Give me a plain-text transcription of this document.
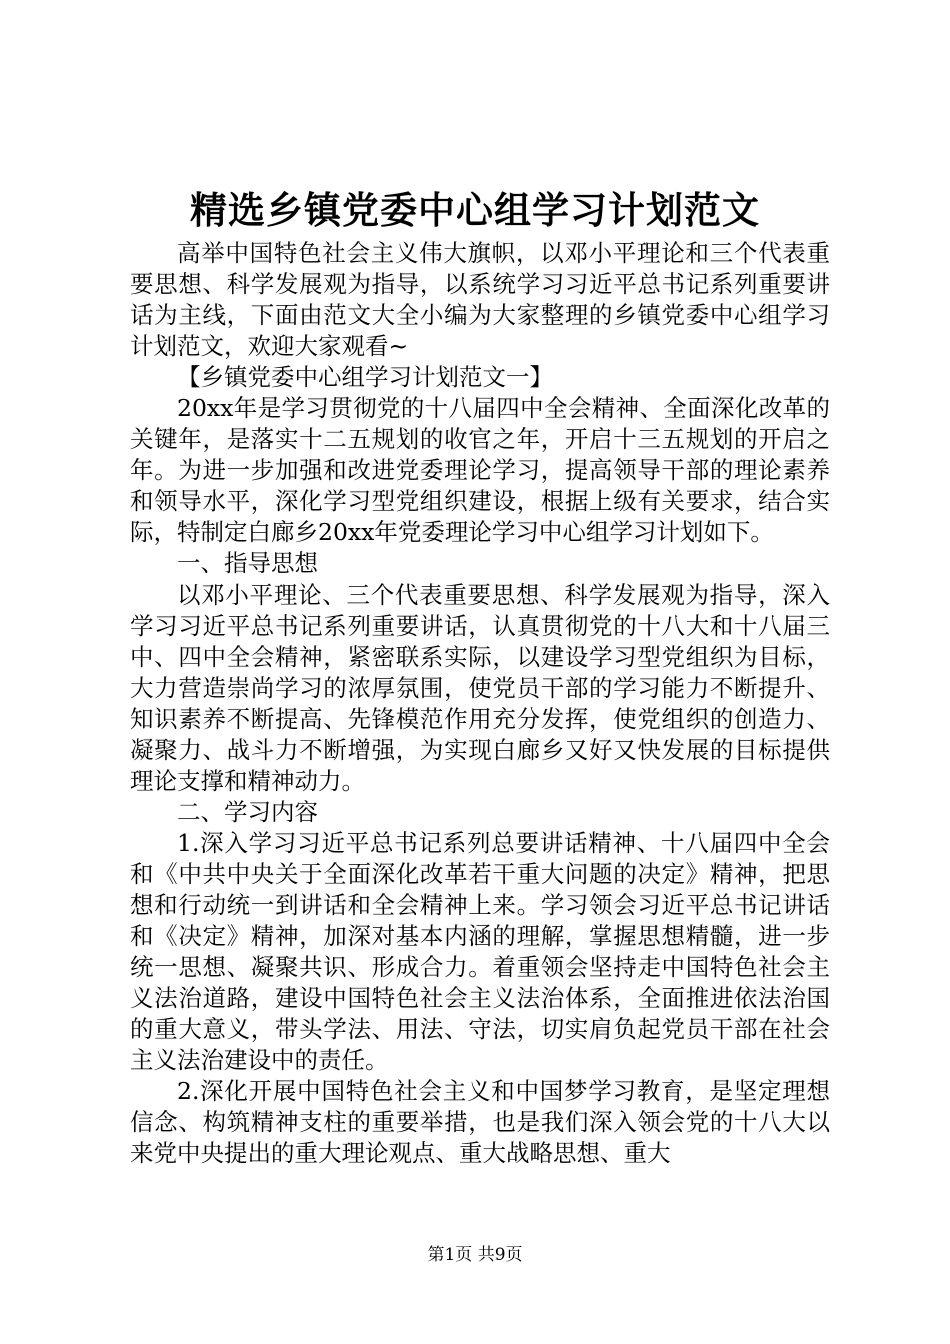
精选乡镇党委中心组学习计划范文

高举中国特色社会主义伟大旗帜，以邓小平理论和三个代表重要思想、科学发展观为指导，以系统学习习近平总书记系列重要讲话为主线，下面由范文大全小编为大家整理的乡镇党委中心组学习计划范文，欢迎大家观看~

【乡镇党委中心组学习计划范文一】

20xx年是学习贯彻党的十八届四中全会精神、全面深化改革的关键年，是落实十二五规划的收官之年，开启十三五规划的开启之年。为进一步加强和改进党委理论学习，提高领导干部的理论素养和领导水平，深化学习型党组织建设，根据上级有关要求，结合实际，特制定白廊乡20xx年党委理论学习中心组学习计划如下。

一、指导思想

以邓小平理论、三个代表重要思想、科学发展观为指导，深入学习习近平总书记系列重要讲话，认真贯彻党的十八大和十八届三中、四中全会精神，紧密联系实际，以建设学习型党组织为目标，大力营造崇尚学习的浓厚氛围，使党员干部的学习能力不断提升、知识素养不断提高、先锋模范作用充分发挥，使党组织的创造力、凝聚力、战斗力不断增强，为实现白廊乡又好又快发展的目标提供理论支撑和精神动力。

二、学习内容

1.深入学习习近平总书记系列总要讲话精神、十八届四中全会和《中共中央关于全面深化改革若干重大问题的决定》精神，把思想和行动统一到讲话和全会精神上来。学习领会习近平总书记讲话和《决定》精神，加深对基本内涵的理解，掌握思想精髓，进一步统一思想、凝聚共识、形成合力。着重领会坚持走中国特色社会主义法治道路，建设中国特色社会主义法治体系，全面推进依法治国的重大意义，带头学法、用法、守法，切实肩负起党员干部在社会主义法治建设中的责任。

2.深化开展中国特色社会主义和中国梦学习教育，是坚定理想信念、构筑精神支柱的重要举措，也是我们深入领会党的十八大以来党中央提出的重大理论观点、重大战略思想、重大

第1页 共9页
